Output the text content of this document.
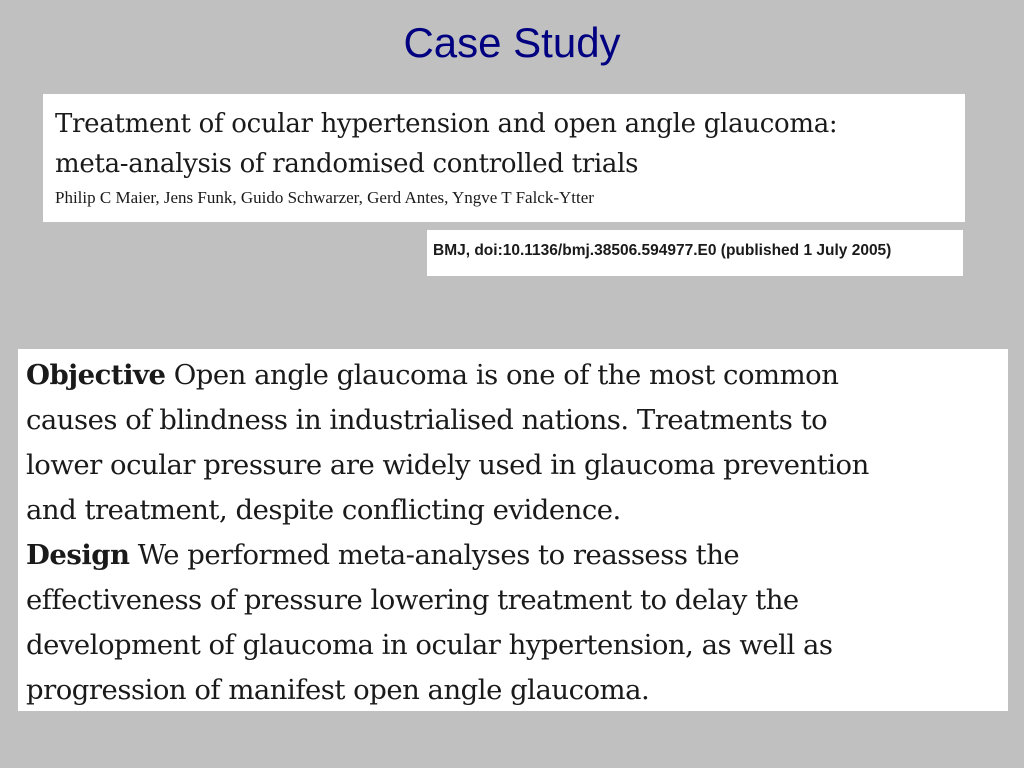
Case Study
Treatment of ocular hypertension and open angle glaucoma:
meta-analysis of randomised controlled trials
Philip C Maier, Jens Funk, Guido Schwarzer, Gerd Antes, Yngve T Falck-Ytter
BMJ, doi:10.1136/bmj.38506.594977.E0 (published 1 July 2005)

Objective Open angle glaucoma is one of the most common
causes of blindness in industrialised nations. Treatments to
lower ocular pressure are widely used in glaucoma prevention
and treatment, despite conflicting evidence.

Design We performed meta-analyses to reassess the
effectiveness of pressure lowering treatment to delay the
development of glaucoma in ocular hypertension, as well as
progression of manifest open angle glaucoma.
